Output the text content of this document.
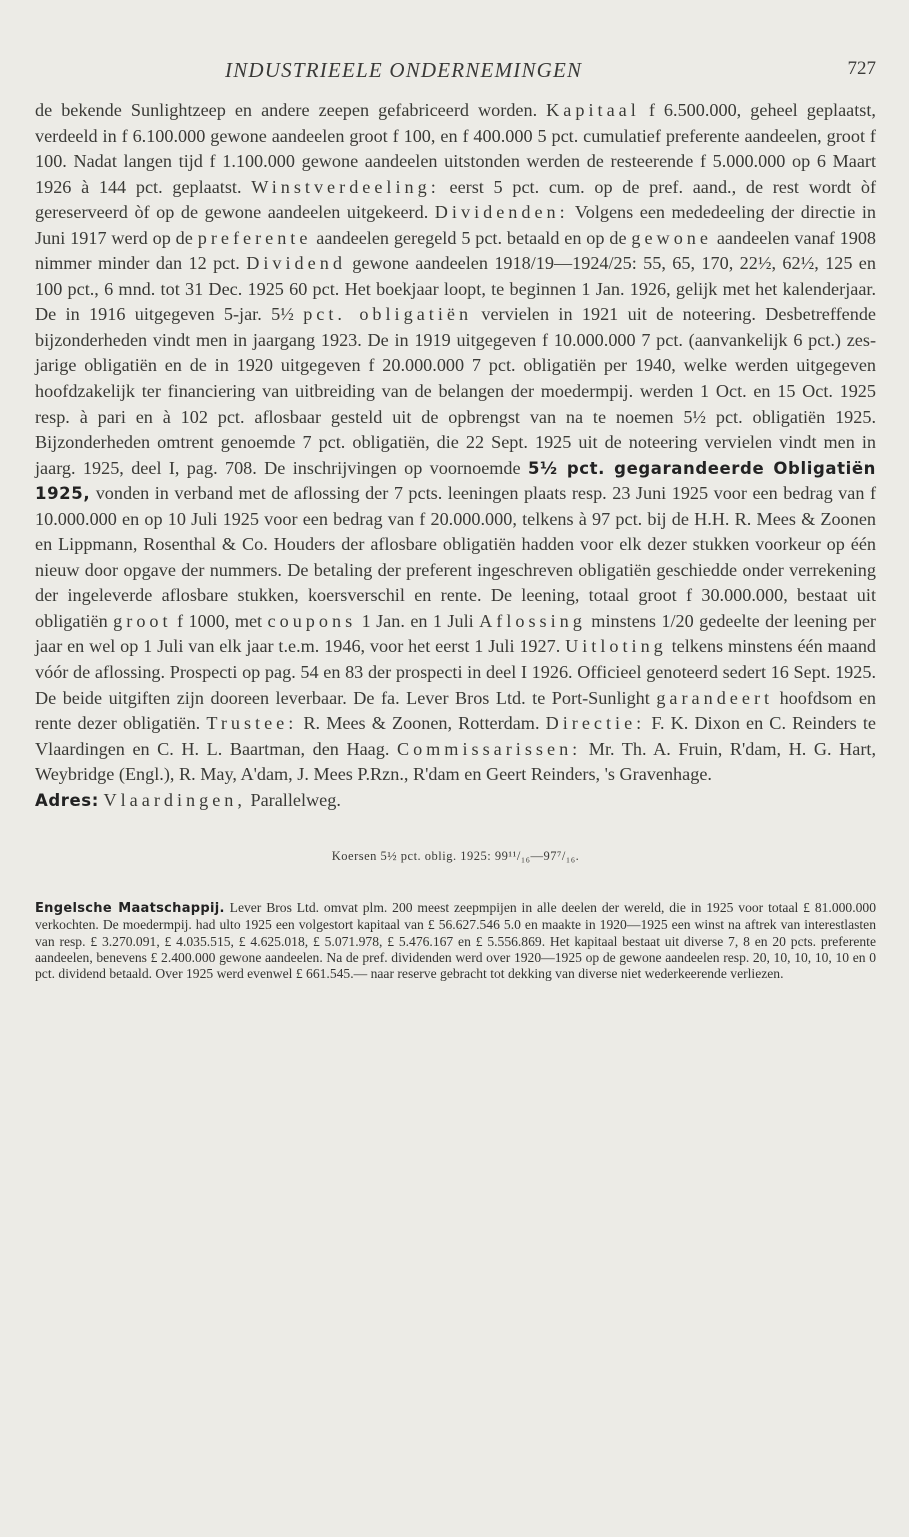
INDUSTRIEELE ONDERNEMINGEN	727

de bekende Sunlightzeep en andere zeepen gefabriceerd worden. Kapitaal f 6.500.000, geheel geplaatst, verdeeld in f 6.100.000 gewone aandeelen groot f 100, en f 400.000 5 pct. cumulatief preferente aandeelen, groot f 100. Nadat langen tijd f 1.100.000 gewone aandeelen uitstonden werden de resteerende f 5.000.000 op 6 Maart 1926 à 144 pct. geplaatst. Winstverdeeling: eerst 5 pct. cum. op de pref. aand., de rest wordt òf gereserveerd òf op de gewone aandeelen uitgekeerd. Dividenden: Volgens een mededeeling der directie in Juni 1917 werd op de preferente aandeelen geregeld 5 pct. betaald en op de gewone aandeelen vanaf 1908 nimmer minder dan 12 pct. Dividend gewone aandeelen 1918/19—1924/25: 55, 65, 170, 22½, 62½, 125 en 100 pct., 6 mnd. tot 31 Dec. 1925 60 pct. Het boekjaar loopt, te beginnen 1 Jan. 1926, gelijk met het kalenderjaar. De in 1916 uitgegeven 5-jar. 5½ pct. obligatiën vervielen in 1921 uit de noteering. Desbetreffende bijzonderheden vindt men in jaargang 1923. De in 1919 uitgegeven f 10.000.000 7 pct. (aanvankelijk 6 pct.) zes-jarige obligatiën en de in 1920 uitgegeven f 20.000.000 7 pct. obligatiën per 1940, welke werden uitgegeven hoofdzakelijk ter financiering van uitbreiding van de belangen der moedermpij. werden 1 Oct. en 15 Oct. 1925 resp. à pari en à 102 pct. aflosbaar gesteld uit de opbrengst van na te noemen 5½ pct. obligatiën 1925. Bijzonderheden omtrent genoemde 7 pct. obligatiën, die 22 Sept. 1925 uit de noteering vervielen vindt men in jaarg. 1925, deel I, pag. 708. De inschrijvingen op voornoemde 5½ pct. gegarandeerde Obligatiën 1925, vonden in verband met de aflossing der 7 pcts. leeningen plaats resp. 23 Juni 1925 voor een bedrag van f 10.000.000 en op 10 Juli 1925 voor een bedrag van f 20.000.000, telkens à 97 pct. bij de H.H. R. Mees & Zoonen en Lippmann, Rosenthal & Co. Houders der aflosbare obligatiën hadden voor elk dezer stukken voorkeur op één nieuw door opgave der nummers. De betaling der preferent ingeschreven obligatiën geschiedde onder verrekening der ingeleverde aflosbare stukken, koersverschil en rente. De leening, totaal groot f 30.000.000, bestaat uit obligatiën groot f 1000, met coupons 1 Jan. en 1 Juli Aflossing minstens 1/20 gedeelte der leening per jaar en wel op 1 Juli van elk jaar t.e.m. 1946, voor het eerst 1 Juli 1927. Uitloting telkens minstens één maand vóór de aflossing. Prospecti op pag. 54 en 83 der prospecti in deel I 1926. Officieel genoteerd sedert 16 Sept. 1925. De beide uitgiften zijn dooreen leverbaar. De fa. Lever Bros Ltd. te Port-Sunlight garandeert hoofdsom en rente dezer obligatiën. Trustee: R. Mees & Zoonen, Rotterdam. Directie: F. K. Dixon en C. Reinders te Vlaardingen en C. H. L. Baartman, den Haag. Commissarissen: Mr. Th. A. Fruin, R'dam, H. G. Hart, Weybridge (Engl.), R. May, A'dam, J. Mees P.Rzn., R'dam en Geert Reinders, 's Gravenhage.

Adres: Vlaardingen, Parallelweg.

Koersen 5½ pct. oblig. 1925: 99¹¹/₁₆—97⁷/₁₆.

Engelsche Maatschappij. Lever Bros Ltd. omvat plm. 200 meest zeepmpijen in alle deelen der wereld, die in 1925 voor totaal £ 81.000.000 verkochten. De moedermpij. had ulto 1925 een volgestort kapitaal van £ 56.627.546 5.0 en maakte in 1920—1925 een winst na aftrek van interestlasten van resp. £ 3.270.091, £ 4.035.515, £ 4.625.018, £ 5.071.978, £ 5.476.167 en £ 5.556.869. Het kapitaal bestaat uit diverse 7, 8 en 20 pcts. preferente aandeelen, benevens £ 2.400.000 gewone aandeelen. Na de pref. dividenden werd over 1920—1925 op de gewone aandeelen resp. 20, 10, 10, 10, 10 en 0 pct. dividend betaald. Over 1925 werd evenwel £ 661.545.— naar reserve gebracht tot dekking van diverse niet wederkeerende verliezen.
